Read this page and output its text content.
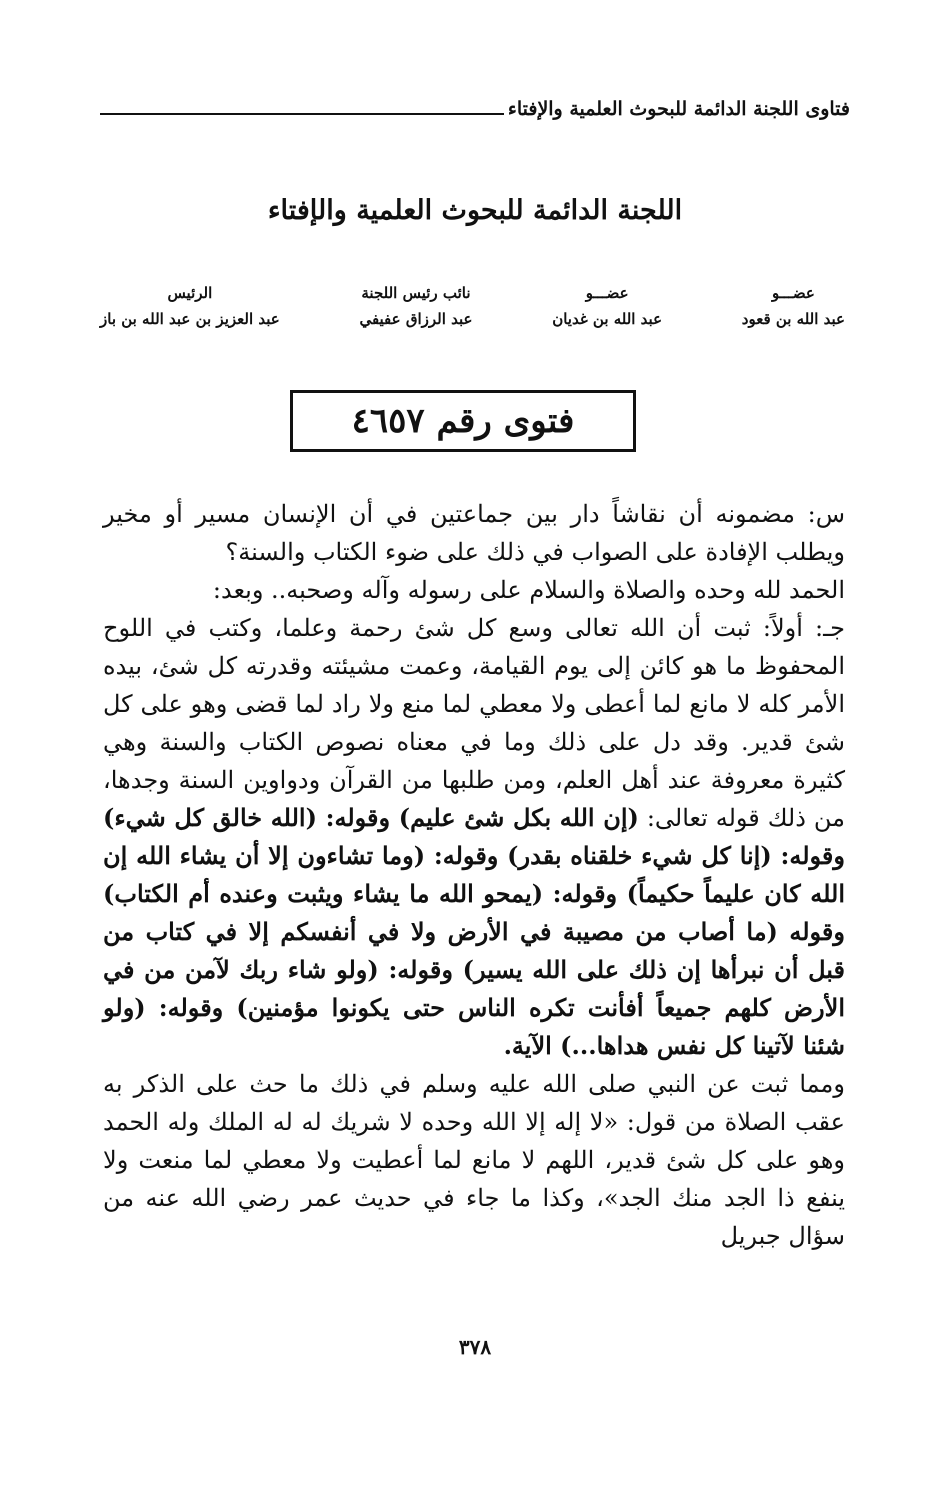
فتاوى اللجنة الدائمة للبحوث العلمية والإفتاء
اللجنة الدائمة للبحوث العلمية والإفتاء
عضـــو
عبد الله بن قعود
عضـــو
عبد الله بن غديان
نائب رئيس اللجنة
عبد الرزاق عفيفي
الرئيس
عبد العزيز بن عبد الله بن باز
فتوى رقم ٤٦٥٧

س: مضمونه أن نقاشاً دار بين جماعتين في أن الإنسان مسير أو مخير ويطلب الإفادة على الصواب في ذلك على ضوء الكتاب والسنة؟

الحمد لله وحده والصلاة والسلام على رسوله وآله وصحبه.. وبعد:

جـ: أولاً: ثبت أن الله تعالى وسع كل شئ رحمة وعلما، وكتب في اللوح المحفوظ ما هو كائن إلى يوم القيامة، وعمت مشيئته وقدرته كل شئ، بيده الأمر كله لا مانع لما أعطى ولا معطي لما منع ولا راد لما قضى وهو على كل شئ قدير. وقد دل على ذلك وما في معناه نصوص الكتاب والسنة وهي كثيرة معروفة عند أهل العلم، ومن طلبها من القرآن ودواوين السنة وجدها، من ذلك قوله تعالى: (إن الله بكل شئ عليم) وقوله: (الله خالق كل شيء) وقوله: (إنا كل شيء خلقناه بقدر) وقوله: (وما تشاءون إلا أن يشاء الله إن الله كان عليماً حكيماً) وقوله: (يمحو الله ما يشاء ويثبت وعنده أم الكتاب) وقوله (ما أصاب من مصيبة في الأرض ولا في أنفسكم إلا في كتاب من قبل أن نبرأها إن ذلك على الله يسير) وقوله: (ولو شاء ربك لآمن من في الأرض كلهم جميعاً أفأنت تكره الناس حتى يكونوا مؤمنين) وقوله: (ولو شئنا لآتينا كل نفس هداها...) الآية.

ومما ثبت عن النبي صلى الله عليه وسلم في ذلك ما حث على الذكر به عقب الصلاة من قول: «لا إله إلا الله وحده لا شريك له له الملك وله الحمد وهو على كل شئ قدير، اللهم لا مانع لما أعطيت ولا معطي لما منعت ولا ينفع ذا الجد منك الجد»، وكذا ما جاء في حديث عمر رضي الله عنه من سؤال جبريل

٣٧٨
